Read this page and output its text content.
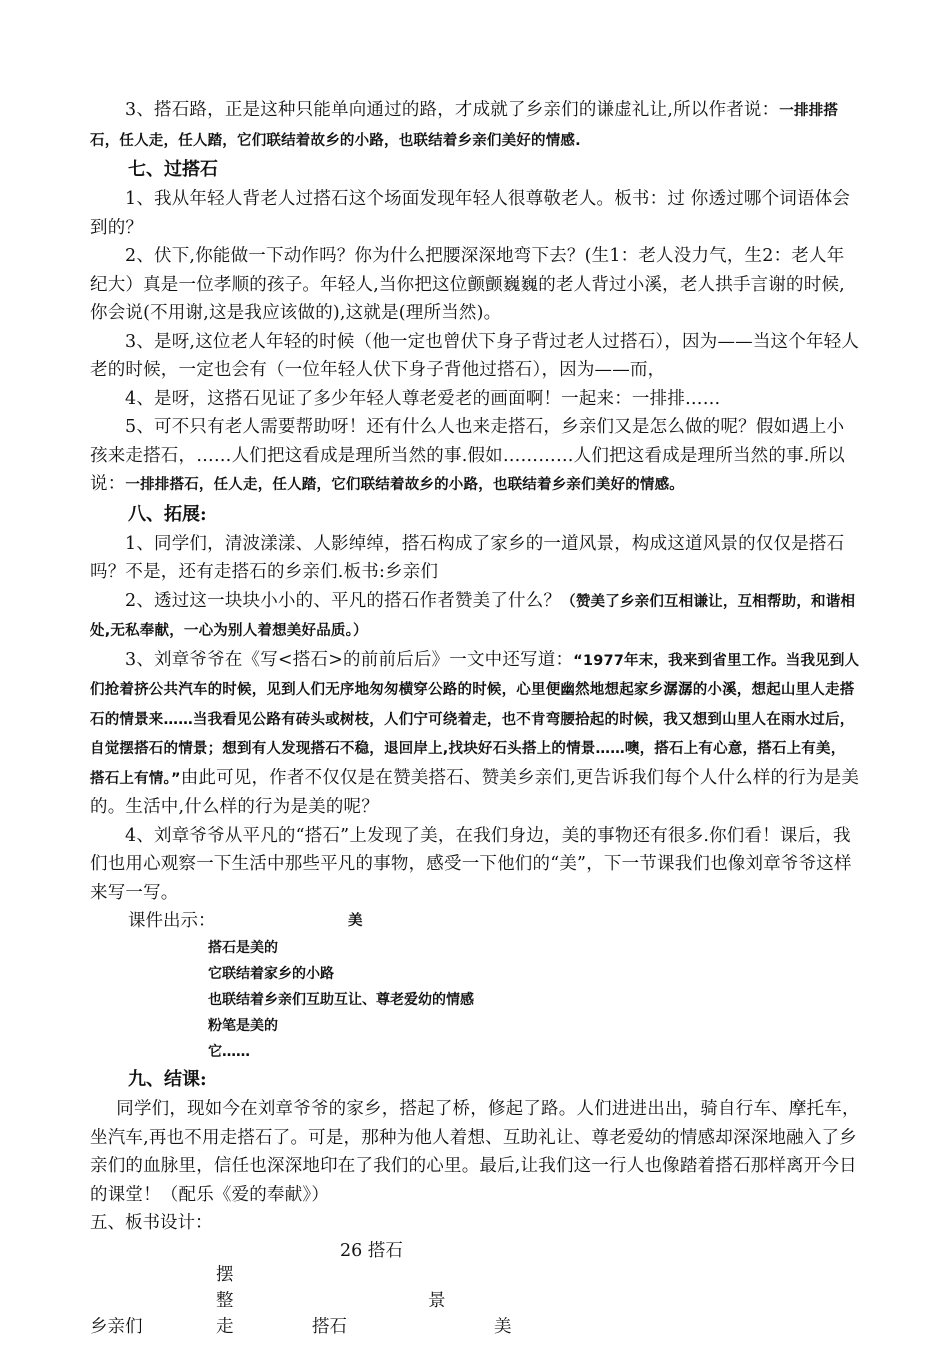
3、搭石路，正是这种只能单向通过的路，才成就了乡亲们的谦虚礼让,所以作者说：一排排搭石，任人走，任人踏，它们联结着故乡的小路，也联结着乡亲们美好的情感.

七、过搭石

1、我从年轻人背老人过搭石这个场面发现年轻人很尊敬老人。板书：过 你透过哪个词语体会到的？

2、伏下,你能做一下动作吗？你为什么把腰深深地弯下去？(生1：老人没力气，生2：老人年纪大）真是一位孝顺的孩子。年轻人,当你把这位颤颤巍巍的老人背过小溪，老人拱手言谢的时候,你会说(不用谢,这是我应该做的),这就是(理所当然)。

3、是呀,这位老人年轻的时候（他一定也曾伏下身子背过老人过搭石），因为——当这个年轻人老的时候，一定也会有（一位年轻人伏下身子背他过搭石），因为——而，

4、是呀，这搭石见证了多少年轻人尊老爱老的画面啊！一起来：一排排……

5、可不只有老人需要帮助呀！还有什么人也来走搭石，乡亲们又是怎么做的呢？假如遇上小孩来走搭石，……人们把这看成是理所当然的事.假如…………人们把这看成是理所当然的事.所以说：一排排搭石，任人走，任人踏，它们联结着故乡的小路，也联结着乡亲们美好的情感。

八、拓展:

1、同学们，清波漾漾、人影绰绰，搭石构成了家乡的一道风景，构成这道风景的仅仅是搭石吗？不是，还有走搭石的乡亲们.板书:乡亲们

2、透过这一块块小小的、平凡的搭石作者赞美了什么？（赞美了乡亲们互相谦让，互相帮助，和谐相处,无私奉献，一心为别人着想美好品质。）

3、刘章爷爷在《写<搭石>的前前后后》一文中还写道：“1977年末，我来到省里工作。当我见到人们抢着挤公共汽车的时候，见到人们无序地匆匆横穿公路的时候，心里便幽然地想起家乡潺潺的小溪，想起山里人走搭石的情景来……当我看见公路有砖头或树枝，人们宁可绕着走，也不肯弯腰拾起的时候，我又想到山里人在雨水过后，自觉摆搭石的情景；想到有人发现搭石不稳，退回岸上,找块好石头搭上的情景……噢，搭石上有心意，搭石上有美，搭石上有情。”由此可见，作者不仅仅是在赞美搭石、赞美乡亲们,更告诉我们每个人什么样的行为是美的。生活中,什么样的行为是美的呢？

4、刘章爷爷从平凡的“搭石”上发现了美，在我们身边，美的事物还有很多.你们看！课后，我们也用心观察一下生活中那些平凡的事物，感受一下他们的“美”，下一节课我们也像刘章爷爷这样来写一写。

课件出示：	美

搭石是美的

它联结着家乡的小路

也联结着乡亲们互助互让、尊老爱幼的情感

粉笔是美的

它……

九、结课:

同学们，现如今在刘章爷爷的家乡，搭起了桥，修起了路。人们进进出出，骑自行车、摩托车，坐汽车,再也不用走搭石了。可是，那种为他人着想、互助礼让、尊老爱幼的情感却深深地融入了乡亲们的血脉里，信任也深深地印在了我们的心里。最后,让我们这一行人也像踏着搭石那样离开今日的课堂！（配乐《爱的奉献》）

五、板书设计：

26 搭石
摆
整	景
乡亲们	走	搭石	美
